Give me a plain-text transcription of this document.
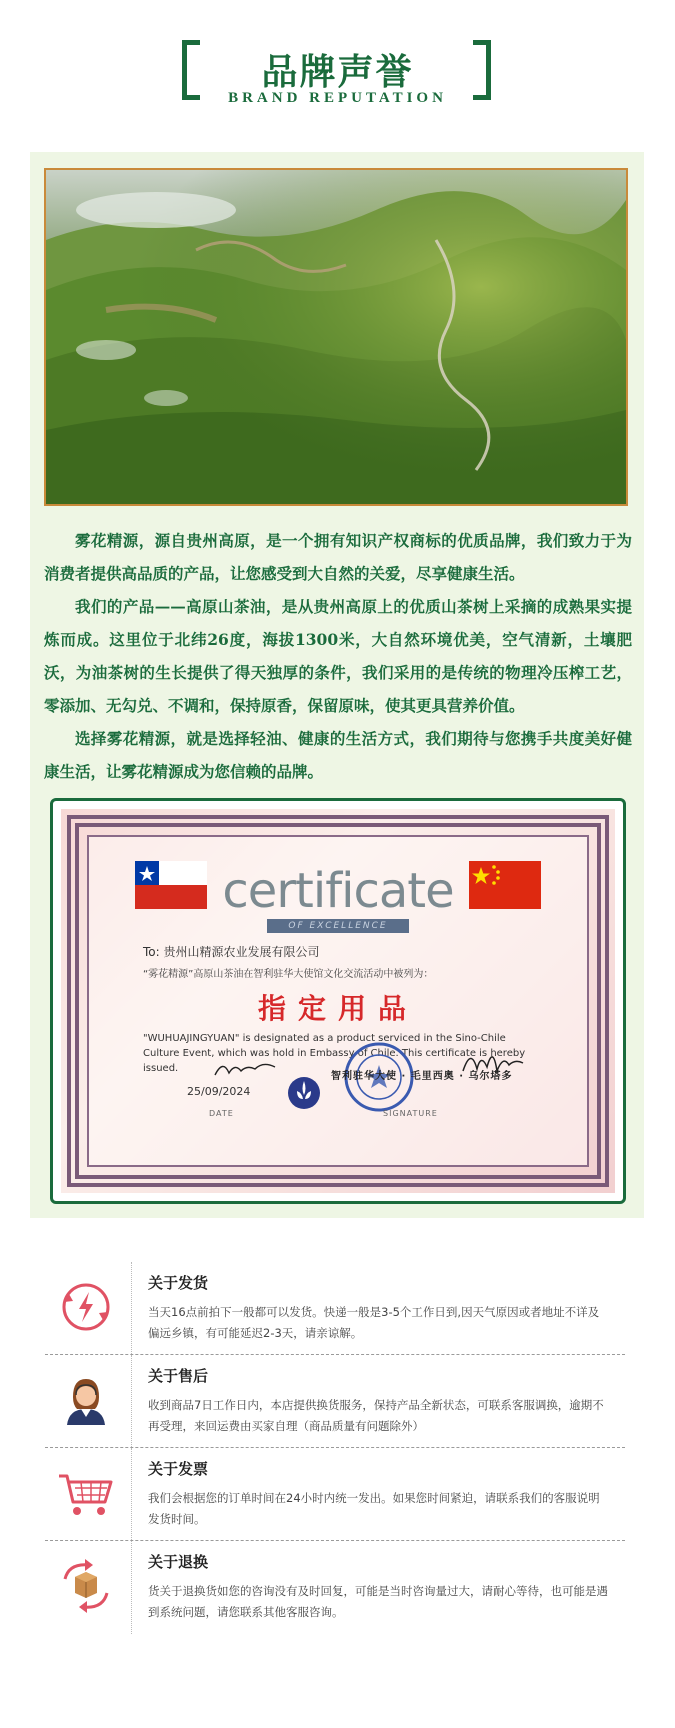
品牌声誉
BRAND REPUTATION

雾花精源，源自贵州高原，是一个拥有知识产权商标的优质品牌，我们致力于为消费者提供高品质的产品，让您感受到大自然的关爱，尽享健康生活。

我们的产品——高原山茶油，是从贵州高原上的优质山茶树上采摘的成熟果实提炼而成。这里位于北纬26度，海拔1300米，大自然环境优美，空气清新，土壤肥沃，为油茶树的生长提供了得天独厚的条件，我们采用的是传统的物理冷压榨工艺，零添加、无勾兑、不调和，保持原香，保留原味，使其更具营养价值。

选择雾花精源，就是选择轻油、健康的生活方式，我们期待与您携手共度美好健康生活，让雾花精源成为您信赖的品牌。

certificate
OF EXCELLENCE
To: 贵州山精源农业发展有限公司
“雾花精源”高原山茶油在智利驻华大使馆文化交流活动中被列为：
指定用品
"WUHUAJINGYUAN" is designated as a product serviced in the Sino-Chile Culture Event, which was hold in Embassy of Chile. This certificate is hereby issued.
25/09/2024
DATE
智利驻华大使 · 毛里西奥 · 乌尔塔多
SIGNATURE
关于发货
当天16点前拍下一般都可以发货。快递一般是3-5个工作日到,因天气原因或者地址不详及偏远乡镇，有可能延迟2-3天，请亲谅解。
关于售后
收到商品7日工作日内，本店提供换货服务，保持产品全新状态，可联系客服调换，逾期不再受理，来回运费由买家自理（商品质量有问题除外）
关于发票
我们会根据您的订单时间在24小时内统一发出。如果您时间紧迫，请联系我们的客服说明发货时间。
关于退换
货关于退换货如您的咨询没有及时回复，可能是当时咨询量过大，请耐心等待，也可能是遇到系统问题，请您联系其他客服咨询。
